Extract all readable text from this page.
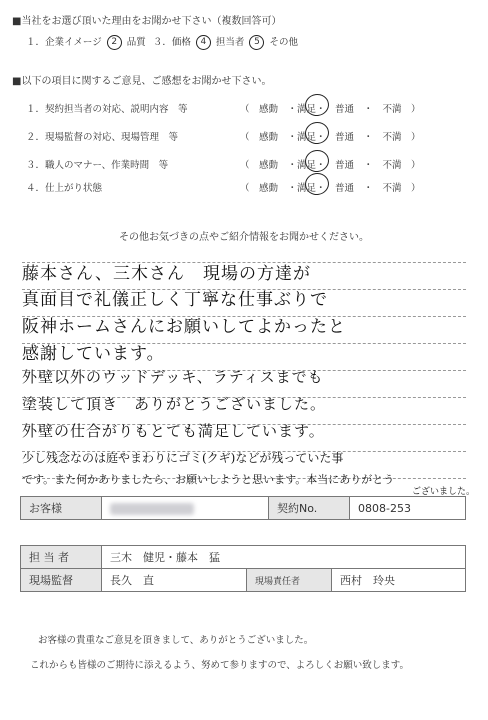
■当社をお選び頂いた理由をお聞かせ下さい（複数回答可）
１．企業イメージ 2 品質 ３．価格 4 担当者 5 その他
■以下の項目に関するご意見、ご感想をお聞かせ下さい。
１．契約担当者の対応、説明内容　等	（　感動　・満足・　普通　・　不満　）
２．現場監督の対応、現場管理　等	（　感動　・満足・　普通　・　不満　）
３．職人のマナー、作業時間　等	（　感動　・満足・　普通　・　不満　）
４．仕上がり状態	（　感動　・満足・　普通　・　不満　）
その他お気づきの点やご紹介情報をお聞かせください。
藤本さん、三木さん　現場の方達が
真面目で礼儀正しく丁寧な仕事ぶりで
阪神ホームさんにお願いしてよかったと
感謝しています。
外壁以外のウッドデッキ、ラティスまでも
塗装して頂き　ありがとうございました。
外壁の仕合がりもとても満足しています。
少し残念なのは庭やまわりにゴミ(クギ)などが残っていた事
です。また何かありましたら、お願いしようと思います。本当にありがとう
ございました。
お客様		契約No.	0808-253
担 当 者	三木　健児・藤本　猛		
現場監督	長久　直	現場責任者	西村　玲央
お客様の貴重なご意見を頂きまして、ありがとうございました。
これからも皆様のご期待に添えるよう、努めて参りますので、よろしくお願い致します。
